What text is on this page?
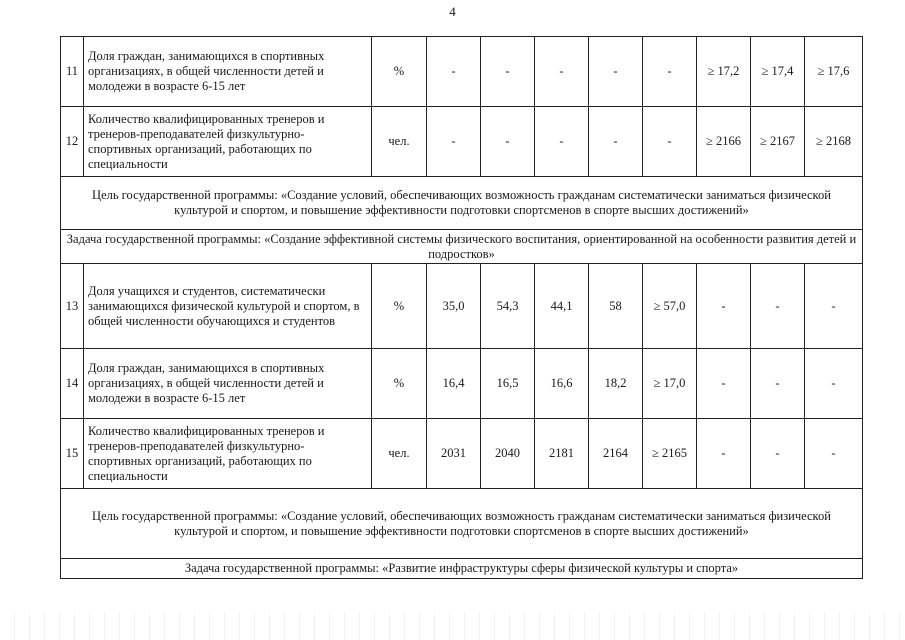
4
11	Доля граждан, занимающихся в спортивных организациях, в общей численности детей и молодежи в возрасте 6-15 лет	%	-	-	-	-	-	≥ 17,2	≥ 17,4	≥ 17,6
12	Количество квалифицированных тренеров и тренеров-преподавателей физкультурно-спортивных организаций, работающих по специальности	чел.	-	-	-	-	-	≥ 2166	≥ 2167	≥ 2168
Цель государственной программы: «Создание условий, обеспечивающих возможность гражданам систематически заниматься физической культурой и спортом, и повышение эффективности подготовки спортсменов в спорте высших достижений»										
Задача государственной программы: «Создание эффективной системы физического воспитания, ориентированной на особенности развития детей и подростков»										
13	Доля учащихся и студентов, систематически занимающихся физической культурой и спортом, в общей численности обучающихся и студентов	%	35,0	54,3	44,1	58	≥ 57,0	-	-	-
14	Доля граждан, занимающихся в спортивных организациях, в общей численности детей и молодежи в возрасте 6-15 лет	%	16,4	16,5	16,6	18,2	≥ 17,0	-	-	-
15	Количество квалифицированных тренеров и тренеров-преподавателей физкультурно-спортивных организаций, работающих по специальности	чел.	2031	2040	2181	2164	≥ 2165	-	-	-
Цель государственной программы: «Создание условий, обеспечивающих возможность гражданам систематически заниматься физической культурой и спортом, и повышение эффективности подготовки спортсменов в спорте высших достижений»										
Задача государственной программы: «Развитие инфраструктуры сферы физической культуры и спорта»										
